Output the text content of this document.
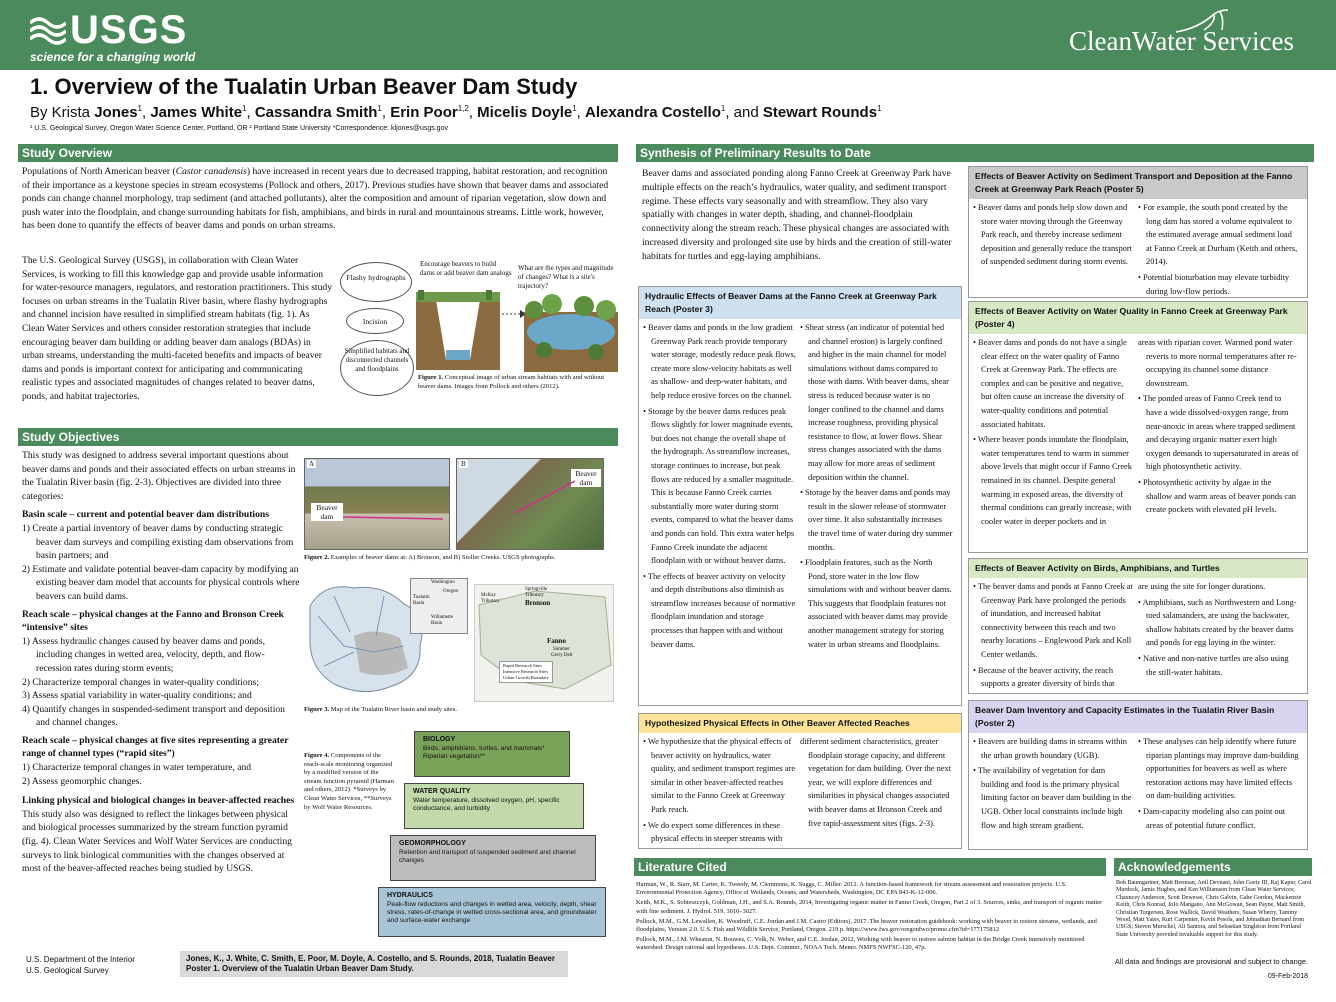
USGS
science for a changing world
CleanWater Services
1. Overview of the Tualatin Urban Beaver Dam Study
By Krista Jones$^1$, James White$^1$, Cassandra Smith$^1$, Erin Poor$^{1,2}$, Micelis Doyle$^1$, Alexandra Costello$^1$, and Stewart Rounds$^1$
¹ U.S. Geological Survey, Oregon Water Science Center, Portland, OR ² Portland State University *Correspondence: kljones@usgs.gov
Study Overview
Populations of North American beaver (Castor canadensis) have increased in recent years due to decreased trapping, habitat restoration, and recognition of their importance as a keystone species in stream ecosystems (Pollock and others, 2017). Previous studies have shown that beaver dams and associated ponds can change channel morphology, trap sediment (and attached pollutants), alter the composition and amount of riparian vegetation, slow down and push water into the floodplain, and change surrounding habitats for fish, amphibians, and birds in rural and mountainous streams. Little work, however, has been done to quantify the effects of beaver dams and ponds on urban streams.
The U.S. Geological Survey (USGS), in collaboration with Clean Water Services, is working to fill this knowledge gap and provide usable information for water-resource managers, regulators, and restoration practitioners. This study focuses on urban streams in the Tualatin River basin, where flashy hydrographs and channel incision have resulted in simplified stream habitats (fig. 1). As Clean Water Services and others consider restoration strategies that include encouraging beaver dam building or adding beaver dam analogs (BDAs) in urban streams, understanding the multi-faceted benefits and impacts of beaver dams and ponds is important context for anticipating and communicating realistic types and associated magnitudes of changes related to beaver dams, ponds, and habitat trajectories.
Flashy hydrographs
Incision
Simplified habitats and disconnected channels and floodplains
Encourage beavers to build dams or add beaver dam analogs
What are the types and magnitude of changes? What is a site's trajectory?
Figure 1. Conceptual image of urban stream habitats with and without beaver dams. Images from Pollock and others (2012).
Study Objectives

This study was designed to address several important questions about beaver dams and ponds and their associated effects on urban streams in the Tualatin River basin (fig. 2-3). Objectives are divided into three categories:

Basin scale – current and potential beaver dam distributions
1) Create a partial inventory of beaver dams by conducting strategic beaver dam surveys and compiling existing dam observations from basin partners; and
2) Estimate and validate potential beaver-dam capacity by modifying an existing beaver dam model that accounts for physical controls where beavers can build dams.
Reach scale – physical changes at the Fanno and Bronson Creek “intensive” sites
1) Assess hydraulic changes caused by beaver dams and ponds, including changes in wetted area, velocity, depth, and flow-recession rates during storm events;
2) Characterize temporal changes in water-quality conditions;
3) Assess spatial variability in water-quality conditions; and
4) Quantify changes in suspended-sediment transport and deposition and channel changes.
Reach scale – physical changes at five sites representing a greater range of channel types (“rapid sites”)
1) Characterize temporal changes in water temperature, and
2) Assess geomorphic changes.
Linking physical and biological changes in beaver-affected reaches

This study also was designed to reflect the linkages between physical and biological processes summarized by the stream function pyramid (fig. 4). Clean Water Services and Wolf Water Services are conducting surveys to link biological communities with the changes observed at most of the beaver-affected reaches being studied by USGS.

A
Beaver dam
B
Beaver dam
Figure 2. Examples of beaver dams at: A) Bronson, and B) Stoller Creeks. USGS photographs.
Washington
Oregon
Tualatin Basin
Willamette Basin
McKay Tributary
Springville Tributary
Bronson
Fanno
Summer
Gerry Delt
Rapid Research Sites
Intensive Research Sites
Urban Growth Boundary
Figure 3. Map of the Tualatin River basin and study sites.
Figure 4. Components of the reach-scale monitoring organized by a modified version of the stream function pyramid (Harman and others, 2012). *Surveys by Clean Water Services, **Surveys by Wolf Water Resources.
BIOLOGY
Birds, amphibians, turtles, and mammals* Riparian vegetation**
WATER QUALITY
Water temperature, dissolved oxygen, pH, specific conductance, and turbidity
GEOMORPHOLOGY
Retention and transport of suspended sediment and channel changes
HYDRAULICS
Peak-flow reductions and changes in wetted area, velocity, depth, shear stress, rates-of-change in wetted cross-sectional area, and groundwater and surface-water exchange
U.S. Department of the Interior
U.S. Geological Survey
Jones, K., J. White, C. Smith, E. Poor, M. Doyle, A. Costello, and S. Rounds, 2018, Tualatin Beaver Poster 1. Overview of the Tualatin Urban Beaver Dam Study.
Synthesis of Preliminary Results to Date
Beaver dams and associated ponding along Fanno Creek at Greenway Park have multiple effects on the reach’s hydraulics, water quality, and sediment transport regime. These effects vary seasonally and with streamflow. They also vary spatially with changes in water depth, shading, and channel-floodplain connectivity along the stream reach. These physical changes are associated with increased diversity and prolonged site use by birds and the creation of still-water habitats for turtles and egg-laying amphibians.
Hydraulic Effects of Beaver Dams at the Fanno Creek at Greenway Park Reach (Poster 3)
• Beaver dams and ponds in the low gradient Greenway Park reach provide temporary water storage, modestly reduce peak flows, create more slow-velocity habitats as well as shallow- and deep-water habitats, and help reduce erosive forces on the channel.
• Storage by the beaver dams reduces peak flows slightly for lower magnitude events, but does not change the overall shape of the hydrograph. As streamflow increases, storage continues to increase, but peak flows are reduced by a smaller magnitude. This is because Fanno Creek carries substantially more water during storm events, compared to what the beaver dams and ponds can hold. This extra water helps Fanno Creek inundate the adjacent floodplain with or without beaver dams.
• The effects of beaver activity on velocity and depth distributions also diminish as streamflow increases because of normative floodplain inundation and storage processes that happen with and without beaver dams.
• Shear stress (an indicator of potential bed and channel erosion) is largely confined and higher in the main channel for model simulations without dams compared to those with dams. With beaver dams, shear stress is reduced because water is no longer confined to the channel and dams increase roughness, providing physical resistance to flow, at lower flows. Shear stress changes associated with the dams may allow for more areas of sediment deposition within the channel.
• Storage by the beaver dams and ponds may result in the slower release of stormwater over time. It also substantially increases the travel time of water during dry summer months.
• Floodplain features, such as the North Pond, store water in the low flow simulations with and without beaver dams. This suggests that floodplain features not associated with beaver dams may provide another management strategy for storing water in urban streams and floodplains.
Hypothesized Physical Effects in Other Beaver Affected Reaches
• We hypothesize that the physical effects of beaver activity on hydraulics, water quality, and sediment transport regimes are similar in other beaver-affected reaches similar to the Fanno Creek at Greenway Park reach.
• We do expect some differences in these physical effects in steeper streams with
different sediment characteristics, greater floodplain storage capacity, and different vegetation for dam building. Over the next year, we will explore differences and similarities in physical changes associated with beaver dams at Bronson Creek and five rapid-assessment sites (figs. 2-3).
Effects of Beaver Activity on Sediment Transport and Deposition at the Fanno Creek at Greenway Park Reach (Poster 5)
• Beaver dams and ponds help slow down and store water moving through the Greenway Park reach, and thereby increase sediment deposition and generally reduce the transport of suspended sediment during storm events.
• For example, the south pond created by the long dam has stored a volume equivalent to the estimated average annual sediment load at Fanno Creek at Durham (Keith and others, 2014).
• Potential bioturbation may elevate turbidity during low-flow periods.
Effects of Beaver Activity on Water Quality in Fanno Creek at Greenway Park (Poster 4)
• Beaver dams and ponds do not have a single clear effect on the water quality of Fanno Creek at Greenway Park. The effects are complex and can be positive and negative, but often cause an increase the diversity of water-quality conditions and potential associated habitats.
• Where beaver ponds inundate the floodplain, water temperatures tend to warm in summer above levels that might occur if Fanno Creek remained in its channel. Despite general warming in exposed areas, the diversity of thermal conditions can greatly increase, with cooler water in deeper pockets and in
areas with riparian cover. Warmed pond water reverts to more normal temperatures after re-occupying its channel some distance downstream.
• The ponded areas of Fanno Creek tend to have a wide dissolved-oxygen range, from near-anoxic in areas where trapped sediment and decaying organic matter exert high oxygen demands to supersaturated in areas of high photosynthetic activity.
• Photosynthetic activity by algae in the shallow and warm areas of beaver ponds can create pockets with elevated pH levels.
Effects of Beaver Activity on Birds, Amphibians, and Turtles
• The beaver dams and ponds at Fanno Creek at Greenway Park have prolonged the periods of inundation, and increased habitat connectivity between this reach and two nearby locations – Englewood Park and Koll Center wetlands.
• Because of the beaver activity, the reach supports a greater diversity of birds that
are using the site for longer durations.
• Amphibians, such as Northwestern and Long-toed salamanders, are using the backwater, shallow habitats created by the beaver dams and ponds for egg laying in the winter.
• Native and non-native turtles are also using the still-water habitats.
Beaver Dam Inventory and Capacity Estimates in the Tualatin River Basin (Poster 2)
• Beavers are building dams in streams within the urban growth boundary (UGB).
• The availability of vegetation for dam building and food is the primary physical limiting factor on beaver dam building in the UGB. Other local constraints include high flow and high stream gradient.
• These analyses can help identify where future riparian plantings may improve dam-building opportunities for beavers as well as where restoration actions may have limited effects on dam-building activities.
• Dam-capacity modeling also can point out areas of potential future conflict.
Literature Cited

Harman, W., R. Starr, M. Carter, K. Tweedy, M. Clemmons, K. Suggs, C. Miller. 2012. A function-based framework for stream assessment and restoration projects. U.S. Environmental Protection Agency, Office of Wetlands, Oceans, and Watersheds, Washington, DC EPA 843-K-12-006.

Keith, M.K., S. Sobieszczyk, Goldman, J.H., and S.A. Rounds, 2014, Investigating organic matter in Fanno Creek, Oregon, Part 2 of 3. Sources, sinks, and transport of organic matter with fine sediment. J. Hydrol. 519, 3010–3027.

Pollock, M.M., G.M. Lewallen, K. Woodruff, C.E. Jordan and J.M. Castro (Editors), 2017. The beaver restoration guidebook: working with beaver to restore streams, wetlands, and floodplains, Version 2.0. U.S. Fish and Wildlife Service, Portland, Oregon. 219 p. https://www.fws.gov/oregonfwo/promo.cfm?id=177175812

Pollock, M.M., J.M. Wheaton, N. Bouwes, C. Volk, N. Weber, and C.E. Jordan, 2012, Working with beaver to restore salmon habitat in the Bridge Creek intensively monitored watershed: Design rational and hypotheses. U.S. Dept. Commer., NOAA Tech. Memo. NMFS NWFSC-120, 47p.

Acknowledgements
Bob Baumgartner, Matt Brennan, Anil Devnani, John Goetz III, Raj Kapur, Carol Murdock, Jamie Hughes, and Ken Williamson from Clean Water Services; Chauncey Anderson, Scott Dewesse, Chris Galvin, Gabe Gordon, Mackenzie Keith, Chris Konrad, JoJo Mangano, Ann McGowan, Sean Payne, Matt Smith, Christian Torgersen, Rose Wallick, David Weathers, Susan Wherry, Tammy Wood, Matt Yates, Kurt Carpenter, Kevin Pesola, and Johnathan Bernard from USGS; Steven Murschel, Ali Santora, and Sebastian Singleton from Portland State University provided invaluable support for this study.
All data and findings are provisional and subject to change.
09-Feb-2018
